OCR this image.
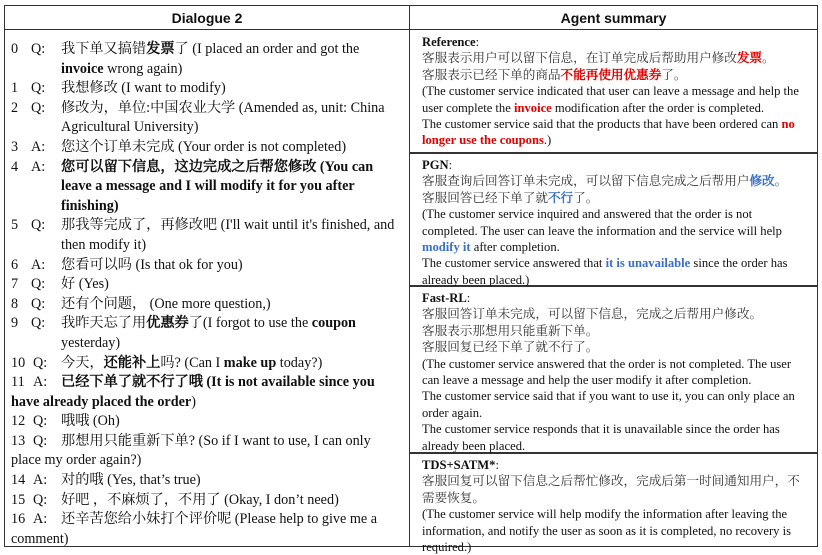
Dialogue 2	Agent summary
0 Q:	我下单又搞错发票了 (I placed an order and got the invoice wrong again)
1 Q:	我想修改 (I want to modify)
2 Q:	修改为，单位:中国农业大学 (Amended as, unit: China Agricultural University)
3 A:	您这个订单未完成 (Your order is not completed)
4 A:	您可以留下信息，这边完成之后帮您修改 (You can leave a message and I will modify it for you after finishing)
5 Q:	那我等完成了，再修改吧 (I'll wait until it's finished, and then modify it)
6 A:	您看可以吗 (Is that ok for you)
7 Q:	好 (Yes)
8 Q:	还有个问题， (One more question,)
9 Q:	我昨天忘了用优惠券了(I forgot to use the coupon yesterday)
10 Q: 今天，还能补上吗? (Can I make up today?)
11 A: 已经下单了就不行了哦 (It is not available since you have already placed the order)
12 Q: 哦哦 (Oh)
13 Q: 那想用只能重新下单? (So if I want to use, I can only place my order again?)
14 A: 对的哦 (Yes, that’s true)
15 Q: 好吧 ，不麻烦了，不用了 (Okay, I don’t need)
16 A: 还辛苦您给小妹打个评价呢 (Please help to give me a comment)
Reference:
客服表示用户可以留下信息，在订单完成后帮助用户修改发票。
客服表示已经下单的商品不能再使用优惠券了。
(The customer service indicated that user can leave a message and help the user complete the invoice modification after the order is completed.
The customer service said that the products that have been ordered can no longer use the coupons.)
PGN:
客服查询后回答订单未完成，可以留下信息完成之后帮用户修改。
客服回答已经下单了就不行了。
(The customer service inquired and answered that the order is not completed. The user can leave the information and the service will help modify it after completion.
The customer service answered that it is unavailable since the order has already been placed.)
Fast-RL:
客服回答订单未完成，可以留下信息，完成之后帮用户修改。
客服表示那想用只能重新下单。
客服回复已经下单了就不行了。
(The customer service answered that the order is not completed. The user can leave a message and help the user modify it after completion.
The customer service said that if you want to use it, you can only place an order again.
The customer service responds that it is unavailable since the order has already been placed.
TDS+SATM*:
客服回复可以留下信息之后帮忙修改，完成后第一时间通知用户，不需要恢复。
(The customer service will help modify the information after leaving the information, and notify the user as soon as it is completed, no recovery is required.)
